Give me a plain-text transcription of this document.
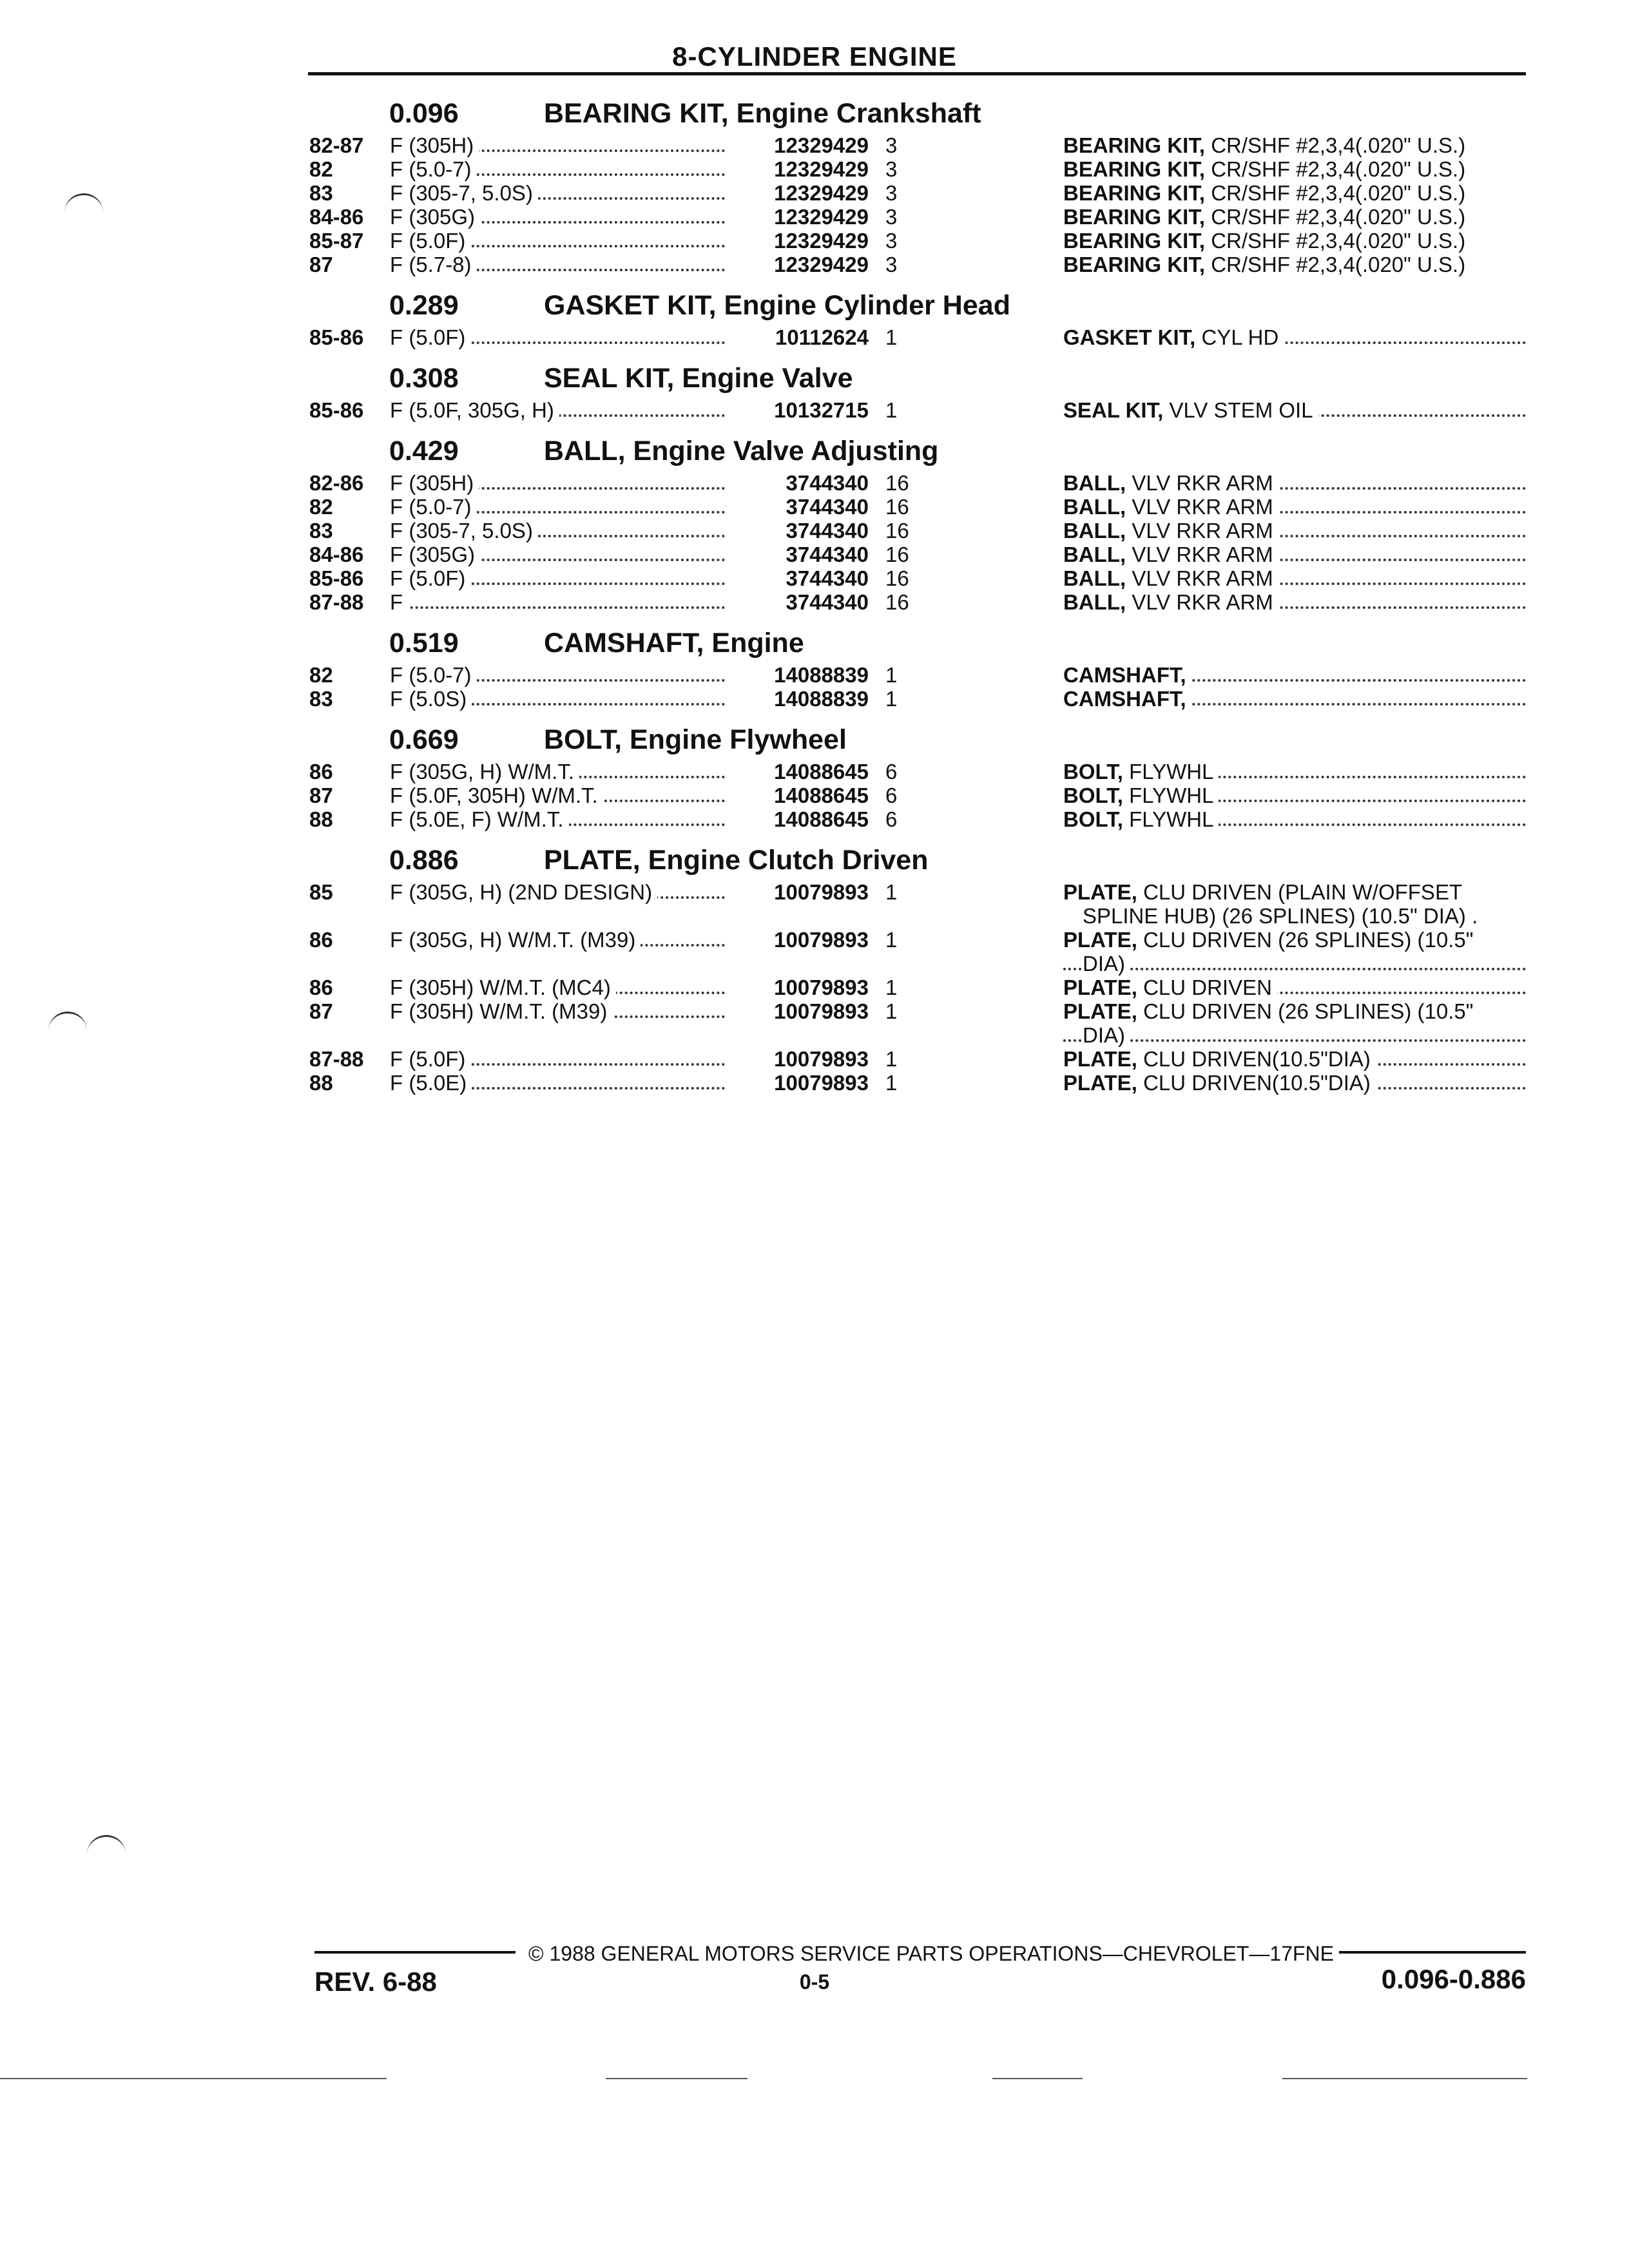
8-CYLINDER ENGINE
0.096	BEARING KIT, Engine Crankshaft
82-87	F (305H)	12329429 3	BEARING KIT, CR/SHF #2,3,4(.020" U.S.)
82	F (5.0-7)	12329429 3	BEARING KIT, CR/SHF #2,3,4(.020" U.S.)
83	F (305-7, 5.0S)	12329429 3	BEARING KIT, CR/SHF #2,3,4(.020" U.S.)
84-86	F (305G)	12329429 3	BEARING KIT, CR/SHF #2,3,4(.020" U.S.)
85-87	F (5.0F)	12329429 3	BEARING KIT, CR/SHF #2,3,4(.020" U.S.)
87	F (5.7-8)	12329429 3	BEARING KIT, CR/SHF #2,3,4(.020" U.S.)
0.289	GASKET KIT, Engine Cylinder Head
85-86	F (5.0F)	10112624 1	GASKET KIT, CYL HD
0.308	SEAL KIT, Engine Valve
85-86	F (5.0F, 305G, H)	10132715 1	SEAL KIT, VLV STEM OIL
0.429	BALL, Engine Valve Adjusting
82-86	F (305H)	3744340 16	BALL, VLV RKR ARM
82	F (5.0-7)	3744340 16	BALL, VLV RKR ARM
83	F (305-7, 5.0S)	3744340 16	BALL, VLV RKR ARM
84-86	F (305G)	3744340 16	BALL, VLV RKR ARM
85-86	F (5.0F)	3744340 16	BALL, VLV RKR ARM
87-88	F	3744340 16	BALL, VLV RKR ARM
0.519	CAMSHAFT, Engine
82	F (5.0-7)	14088839 1	CAMSHAFT,
83	F (5.0S)	14088839 1	CAMSHAFT,
0.669	BOLT, Engine Flywheel
86	F (305G, H) W/M.T.	14088645 6	BOLT, FLYWHL
87	F (5.0F, 305H) W/M.T.	14088645 6	BOLT, FLYWHL
88	F (5.0E, F) W/M.T.	14088645 6	BOLT, FLYWHL
0.886	PLATE, Engine Clutch Driven
85	F (305G, H) (2ND DESIGN)	10079893 1	PLATE, CLU DRIVEN (PLAIN W/OFFSET
SPLINE HUB) (26 SPLINES) (10.5" DIA) .
86	F (305G, H) W/M.T. (M39)	10079893 1	PLATE, CLU DRIVEN (26 SPLINES) (10.5"
DIA)
86	F (305H) W/M.T. (MC4)	10079893 1	PLATE, CLU DRIVEN
87	F (305H) W/M.T. (M39)	10079893 1	PLATE, CLU DRIVEN (26 SPLINES) (10.5"
DIA)
87-88	F (5.0F)	10079893 1	PLATE, CLU DRIVEN(10.5"DIA)
88	F (5.0E)	10079893 1	PLATE, CLU DRIVEN(10.5"DIA)
© 1988 GENERAL MOTORS SERVICE PARTS OPERATIONS—CHEVROLET—17FNE
REV. 6-88	0-5	0.096-0.886
